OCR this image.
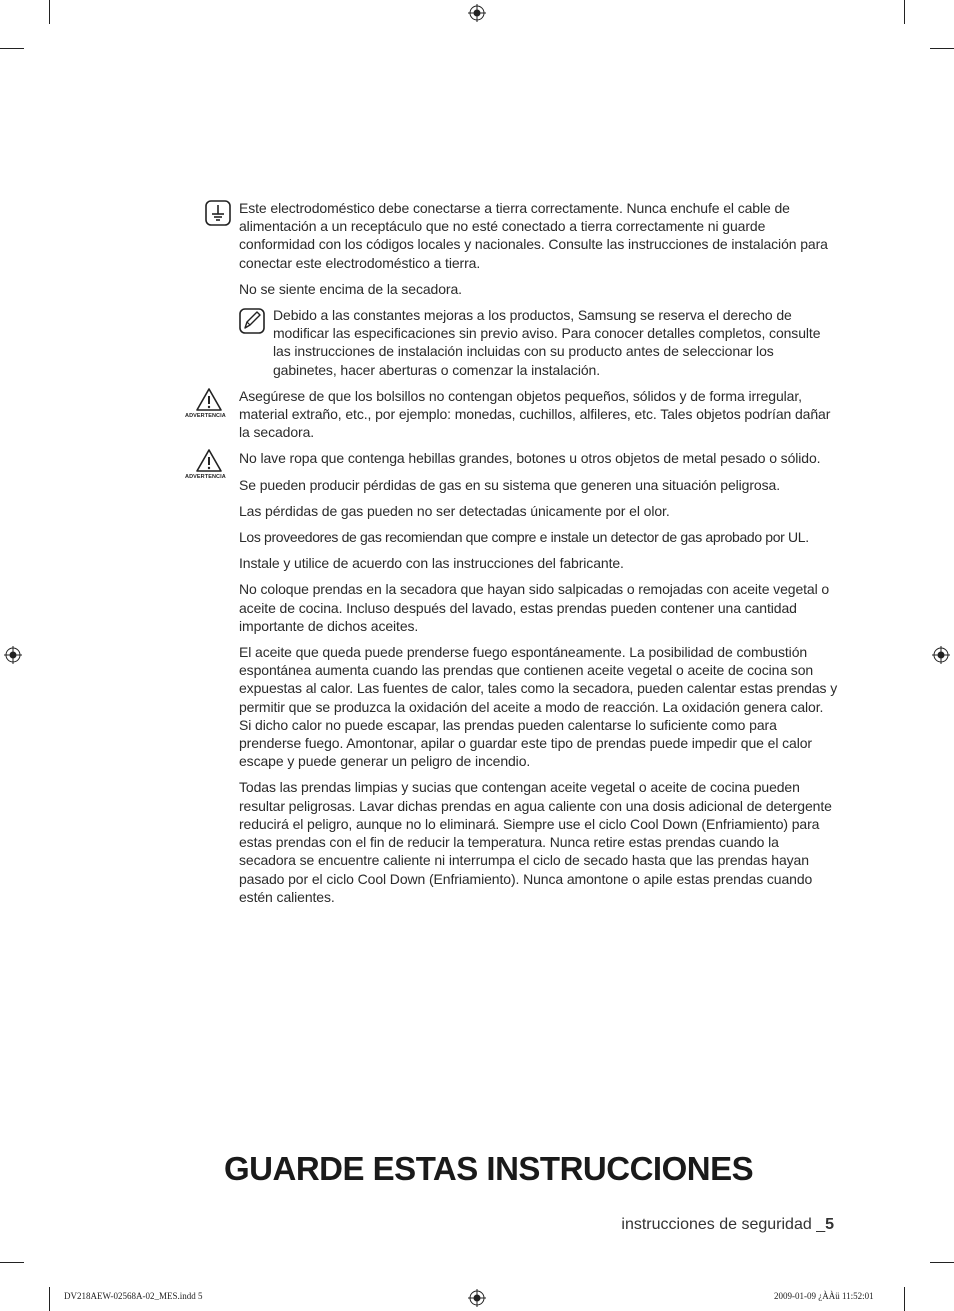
ADVERTENCIA
ADVERTENCIA

Este electrodoméstico debe conectarse a tierra correctamente. Nunca enchufe el cable de alimentación a un receptáculo que no esté conectado a tierra correctamente ni guarde conformidad con los códigos locales y nacionales. Consulte las instrucciones de instalación para conectar este electrodoméstico a tierra.

No se siente encima de la secadora.

Debido a las constantes mejoras a los productos, Samsung se reserva el derecho de modificar las especificaciones sin previo aviso. Para conocer detalles completos, consulte las instrucciones de instalación incluidas con su producto antes de seleccionar los gabinetes, hacer aberturas o comenzar la instalación.

Asegúrese de que los bolsillos no contengan objetos pequeños, sólidos y de forma irregular, material extraño, etc., por ejemplo: monedas, cuchillos, alfileres, etc. Tales objetos podrían dañar la secadora.

No lave ropa que contenga hebillas grandes, botones u otros objetos de metal pesado o sólido.

Se pueden producir pérdidas de gas en su sistema que generen una situación peligrosa.

Las pérdidas de gas pueden no ser detectadas únicamente por el olor.

Los proveedores de gas recomiendan que compre e instale un detector de gas aprobado por UL.

Instale y utilice de acuerdo con las instrucciones del fabricante.

No coloque prendas en la secadora que hayan sido salpicadas o remojadas con aceite vegetal o aceite de cocina. Incluso después del lavado, estas prendas pueden contener una cantidad importante de dichos aceites.

El aceite que queda puede prenderse fuego espontáneamente. La posibilidad de combustión espontánea aumenta cuando las prendas que contienen aceite vegetal o aceite de cocina son expuestas al calor. Las fuentes de calor, tales como la secadora, pueden calentar estas prendas y permitir que se produzca la oxidación del aceite a modo de reacción. La oxidación genera calor. Si dicho calor no puede escapar, las prendas pueden calentarse lo suficiente como para prenderse fuego. Amontonar, apilar o guardar este tipo de prendas puede impedir que el calor escape y puede generar un peligro de incendio.

Todas las prendas limpias y sucias que contengan aceite vegetal o aceite de cocina pueden resultar peligrosas. Lavar dichas prendas en agua caliente con una dosis adicional de detergente reducirá el peligro, aunque no lo eliminará. Siempre use el ciclo Cool Down (Enfriamiento) para estas prendas con el fin de reducir la temperatura. Nunca retire estas prendas cuando la secadora se encuentre caliente ni interrumpa el ciclo de secado hasta que las prendas hayan pasado por el ciclo Cool Down (Enfriamiento). Nunca amontone o apile estas prendas cuando estén calientes.

GUARDE ESTAS INSTRUCCIONES
instrucciones de seguridad _5
DV218AEW-02568A-02_MES.indd 5	2009-01-09 ¿ÀÀü 11:52:01
